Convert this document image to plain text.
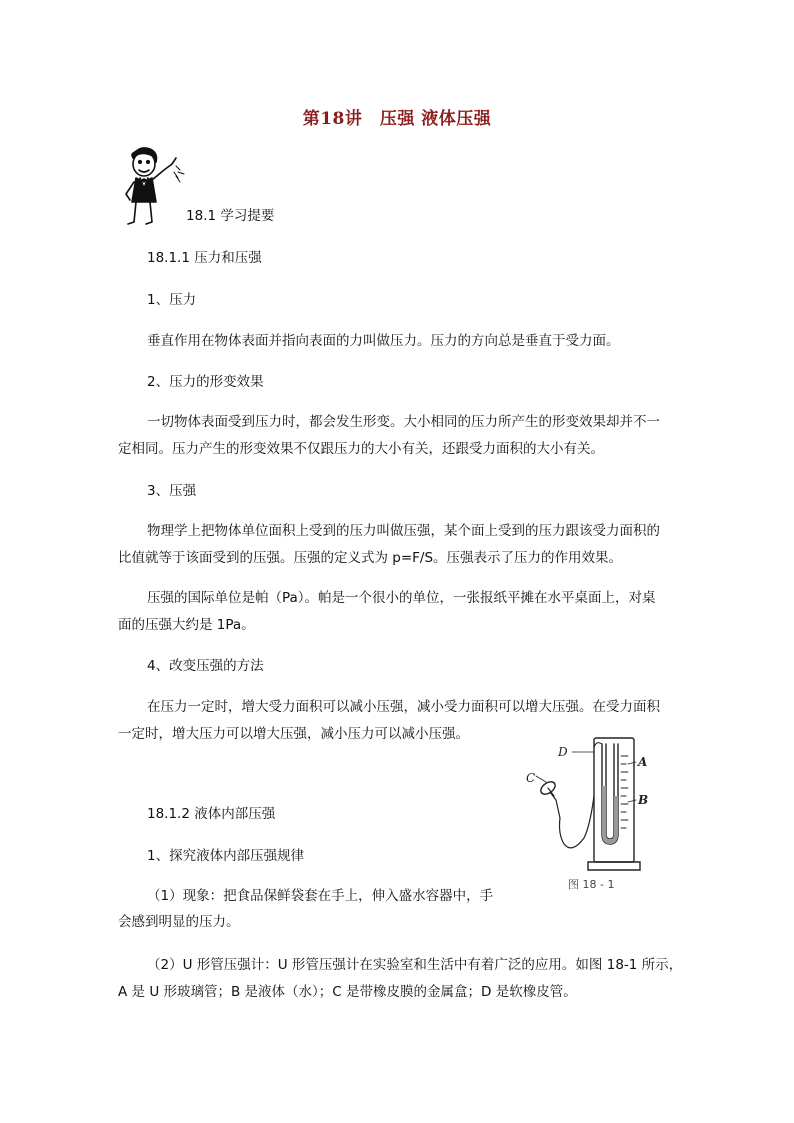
第18讲　压强 液体压强
18.1 学习提要
18.1.1 压力和压强
1、压力
垂直作用在物体表面并指向表面的力叫做压力。压力的方向总是垂直于受力面。
2、压力的形变效果
一切物体表面受到压力时，都会发生形变。大小相同的压力所产生的形变效果却并不一
定相同。压力产生的形变效果不仅跟压力的大小有关，还跟受力面积的大小有关。
3、压强
物理学上把物体单位面积上受到的压力叫做压强，某个面上受到的压力跟该受力面积的
比值就等于该面受到的压强。压强的定义式为 p=F/S。压强表示了压力的作用效果。
压强的国际单位是帕（Pa）。帕是一个很小的单位，一张报纸平摊在水平桌面上，对桌
面的压强大约是 1Pa。
4、改变压强的方法
在压力一定时，增大受力面积可以减小压强，减小受力面积可以增大压强。在受力面积
一定时，增大压力可以增大压强，减小压力可以减小压强。
D
C
A
B
图 18 - 1
18.1.2 液体内部压强
1、探究液体内部压强规律
（1）现象：把食品保鲜袋套在手上，伸入盛水容器中，手
会感到明显的压力。
（2）U 形管压强计：U 形管压强计在实验室和生活中有着广泛的应用。如图 18-1 所示，
A 是 U 形玻璃管；B 是液体（水）；C 是带橡皮膜的金属盒；D 是软橡皮管。
